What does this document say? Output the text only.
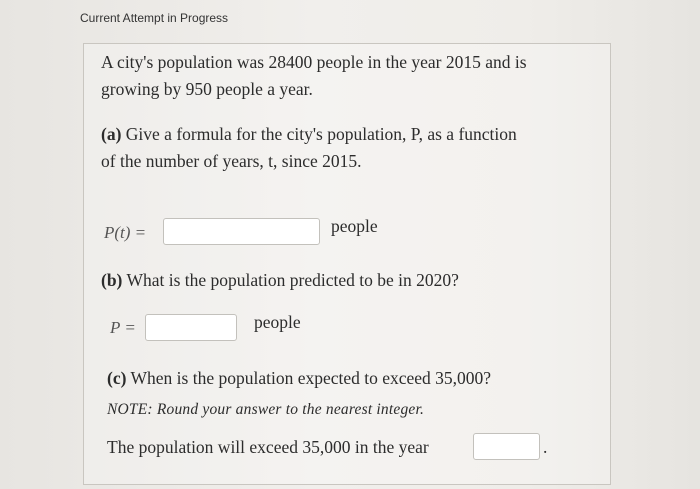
Current Attempt in Progress
A city's population was 28400 people in the year 2015 and is
growing by 950 people a year.
(a) Give a formula for the city's population, P, as a function
of the number of years, t, since 2015.
P(t) =	people
(b) What is the population predicted to be in 2020?
P =	people
(c) When is the population expected to exceed 35,000?
NOTE: Round your answer to the nearest integer.
The population will exceed 35,000 in the year	.
